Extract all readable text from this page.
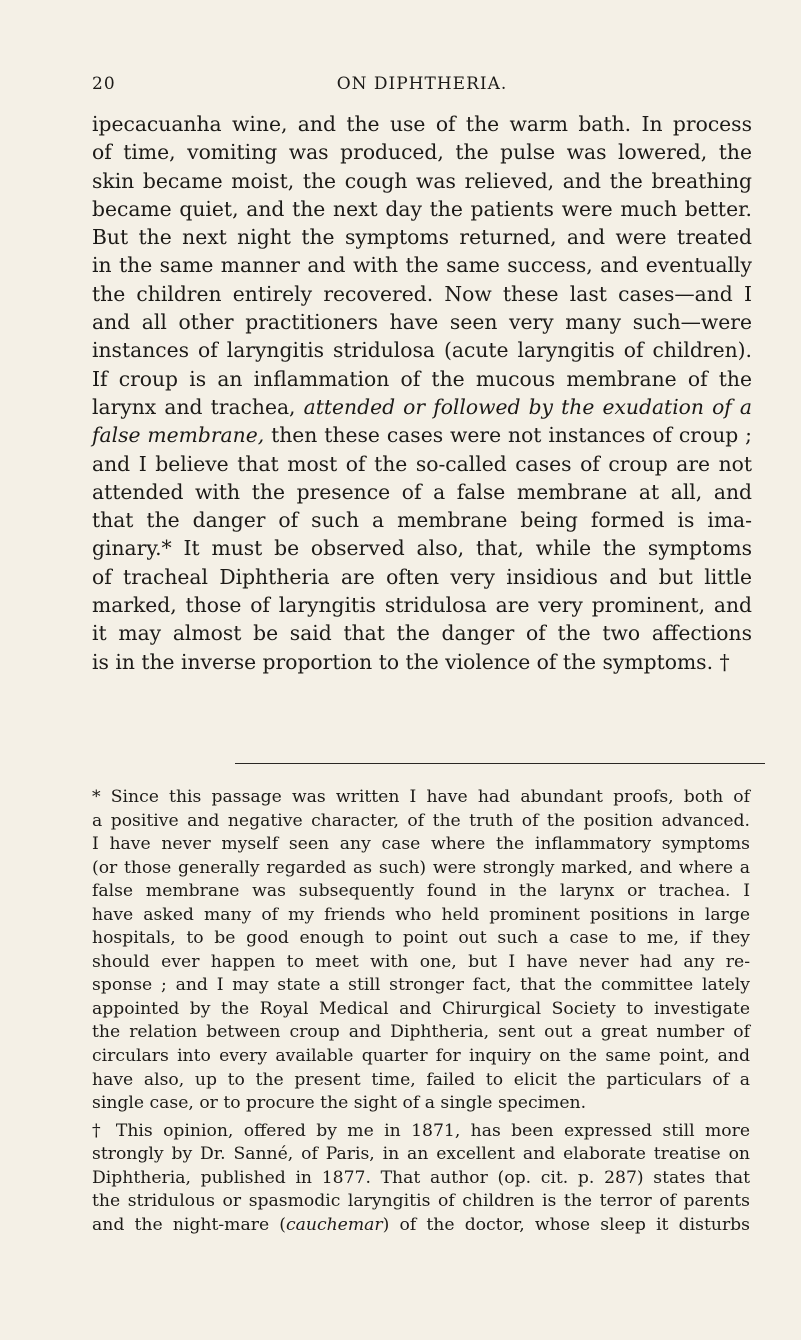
20	ON DIPHTHERIA.
ipecacuanha wine, and the use of the warm bath. In process
of time, vomiting was produced, the pulse was lowered, the
skin became moist, the cough was relieved, and the breathing
became quiet, and the next day the patients were much better.
But the next night the symptoms returned, and were treated
in the same manner and with the same success, and eventually
the children entirely recovered. Now these last cases—and I
and all other practitioners have seen very many such—were
instances of laryngitis stridulosa (acute laryngitis of children).
If croup is an inflammation of the mucous membrane of the
larynx and trachea, attended or followed by the exudation of a
false membrane, then these cases were not instances of croup ;
and I believe that most of the so-called cases of croup are not
attended with the presence of a false membrane at all, and
that the danger of such a membrane being formed is ima-
ginary.* It must be observed also, that, while the symptoms
of tracheal Diphtheria are often very insidious and but little
marked, those of laryngitis stridulosa are very prominent, and
it may almost be said that the danger of the two affections
is in the inverse proportion to the violence of the symptoms. †
* Since this passage was written I have had abundant proofs, both of
a positive and negative character, of the truth of the position advanced.
I have never myself seen any case where the inflammatory symptoms
(or those generally regarded as such) were strongly marked, and where a
false membrane was subsequently found in the larynx or trachea. I
have asked many of my friends who held prominent positions in large
hospitals, to be good enough to point out such a case to me, if they
should ever happen to meet with one, but I have never had any re-
sponse ; and I may state a still stronger fact, that the committee lately
appointed by the Royal Medical and Chirurgical Society to investigate
the relation between croup and Diphtheria, sent out a great number of
circulars into every available quarter for inquiry on the same point, and
have also, up to the present time, failed to elicit the particulars of a
single case, or to procure the sight of a single specimen.
† This opinion, offered by me in 1871, has been expressed still more
strongly by Dr. Sanné, of Paris, in an excellent and elaborate treatise on
Diphtheria, published in 1877. That author (op. cit. p. 287) states that
the stridulous or spasmodic laryngitis of children is the terror of parents
and the night-mare (cauchemar) of the doctor, whose sleep it disturbs
